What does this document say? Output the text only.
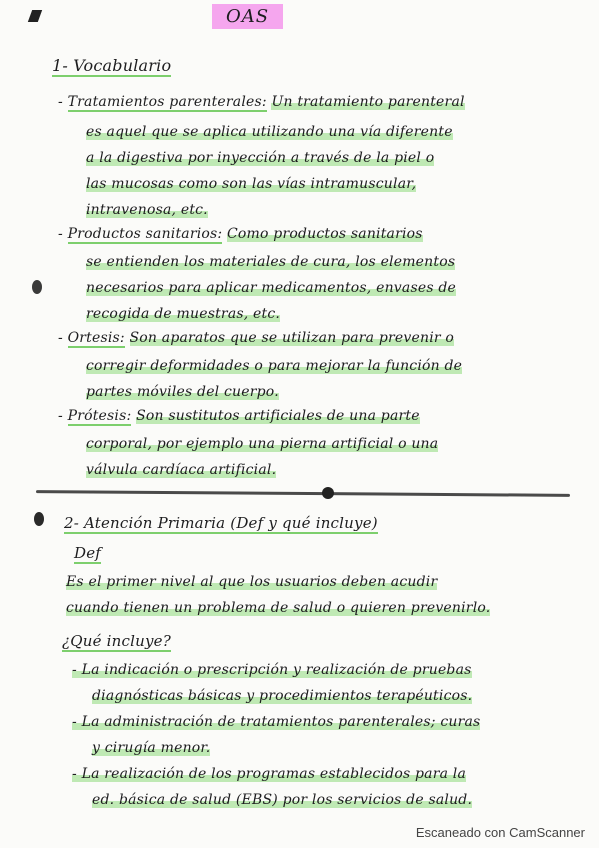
OAS
1- Vocabulario
- Tratamientos parenterales: Un tratamiento parenteral
es aquel que se aplica utilizando una vía diferente
a la digestiva por inyección a través de la piel o
las mucosas como son las vías intramuscular,
intravenosa, etc.
- Productos sanitarios: Como productos sanitarios
se entienden los materiales de cura, los elementos
necesarios para aplicar medicamentos, envases de
recogida de muestras, etc.
- Ortesis: Son aparatos que se utilizan para prevenir o
corregir deformidades o para mejorar la función de
partes móviles del cuerpo.
- Prótesis: Son sustitutos artificiales de una parte
corporal, por ejemplo una pierna artificial o una
válvula cardíaca artificial.
2- Atención Primaria (Def y qué incluye)
Def
Es el primer nivel al que los usuarios deben acudir
cuando tienen un problema de salud o quieren prevenirlo.
¿Qué incluye?
- La indicación o prescripción y realización de pruebas
diagnósticas básicas y procedimientos terapéuticos.
- La administración de tratamientos parenterales; curas
y cirugía menor.
- La realización de los programas establecidos para la
ed. básica de salud (EBS) por los servicios de salud.
Escaneado con CamScanner
